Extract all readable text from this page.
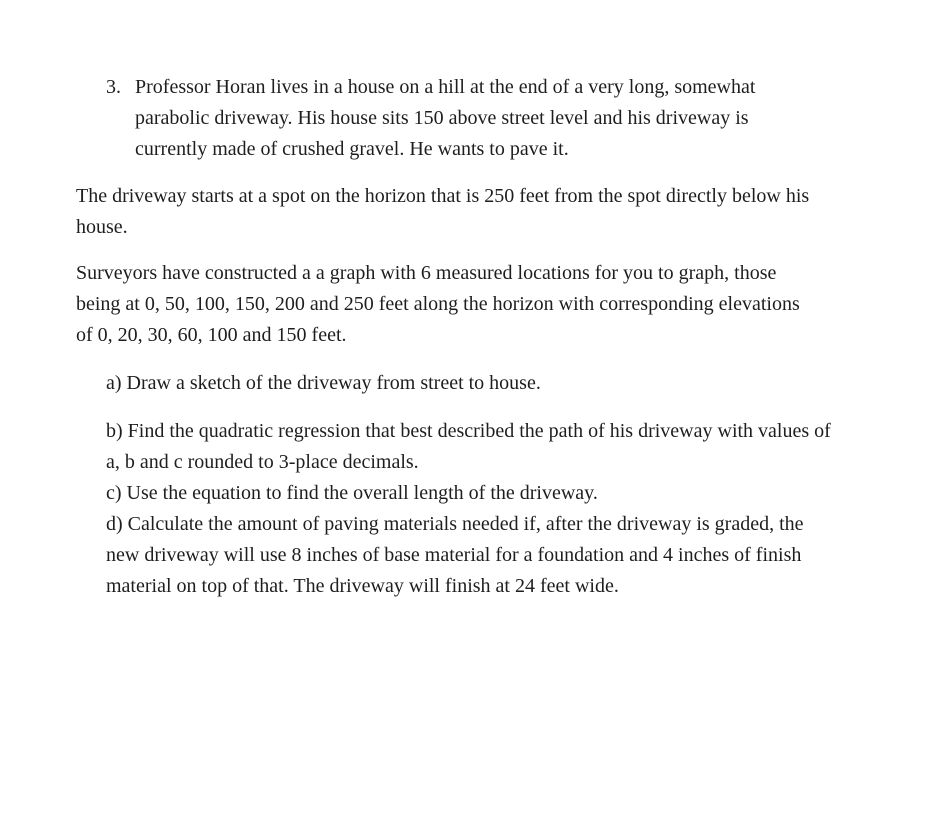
3. Professor Horan lives in a house on a hill at the end of a very long, somewhat parabolic driveway. His house sits 150 above street level and his driveway is currently made of crushed gravel. He wants to pave it.

The driveway starts at a spot on the horizon that is 250 feet from the spot directly below his house.

Surveyors have constructed a a graph with 6 measured locations for you to graph, those being at 0, 50, 100, 150, 200 and 250 feet along the horizon with corresponding elevations of 0, 20, 30, 60, 100 and 150 feet.

a) Draw a sketch of the driveway from street to house.

b) Find the quadratic regression that best described the path of his driveway with values of a, b and c rounded to 3-place decimals.

c) Use the equation to find the overall length of the driveway.

d) Calculate the amount of paving materials needed if, after the driveway is graded, the new driveway will use 8 inches of base material for a foundation and 4 inches of finish material on top of that. The driveway will finish at 24 feet wide.
